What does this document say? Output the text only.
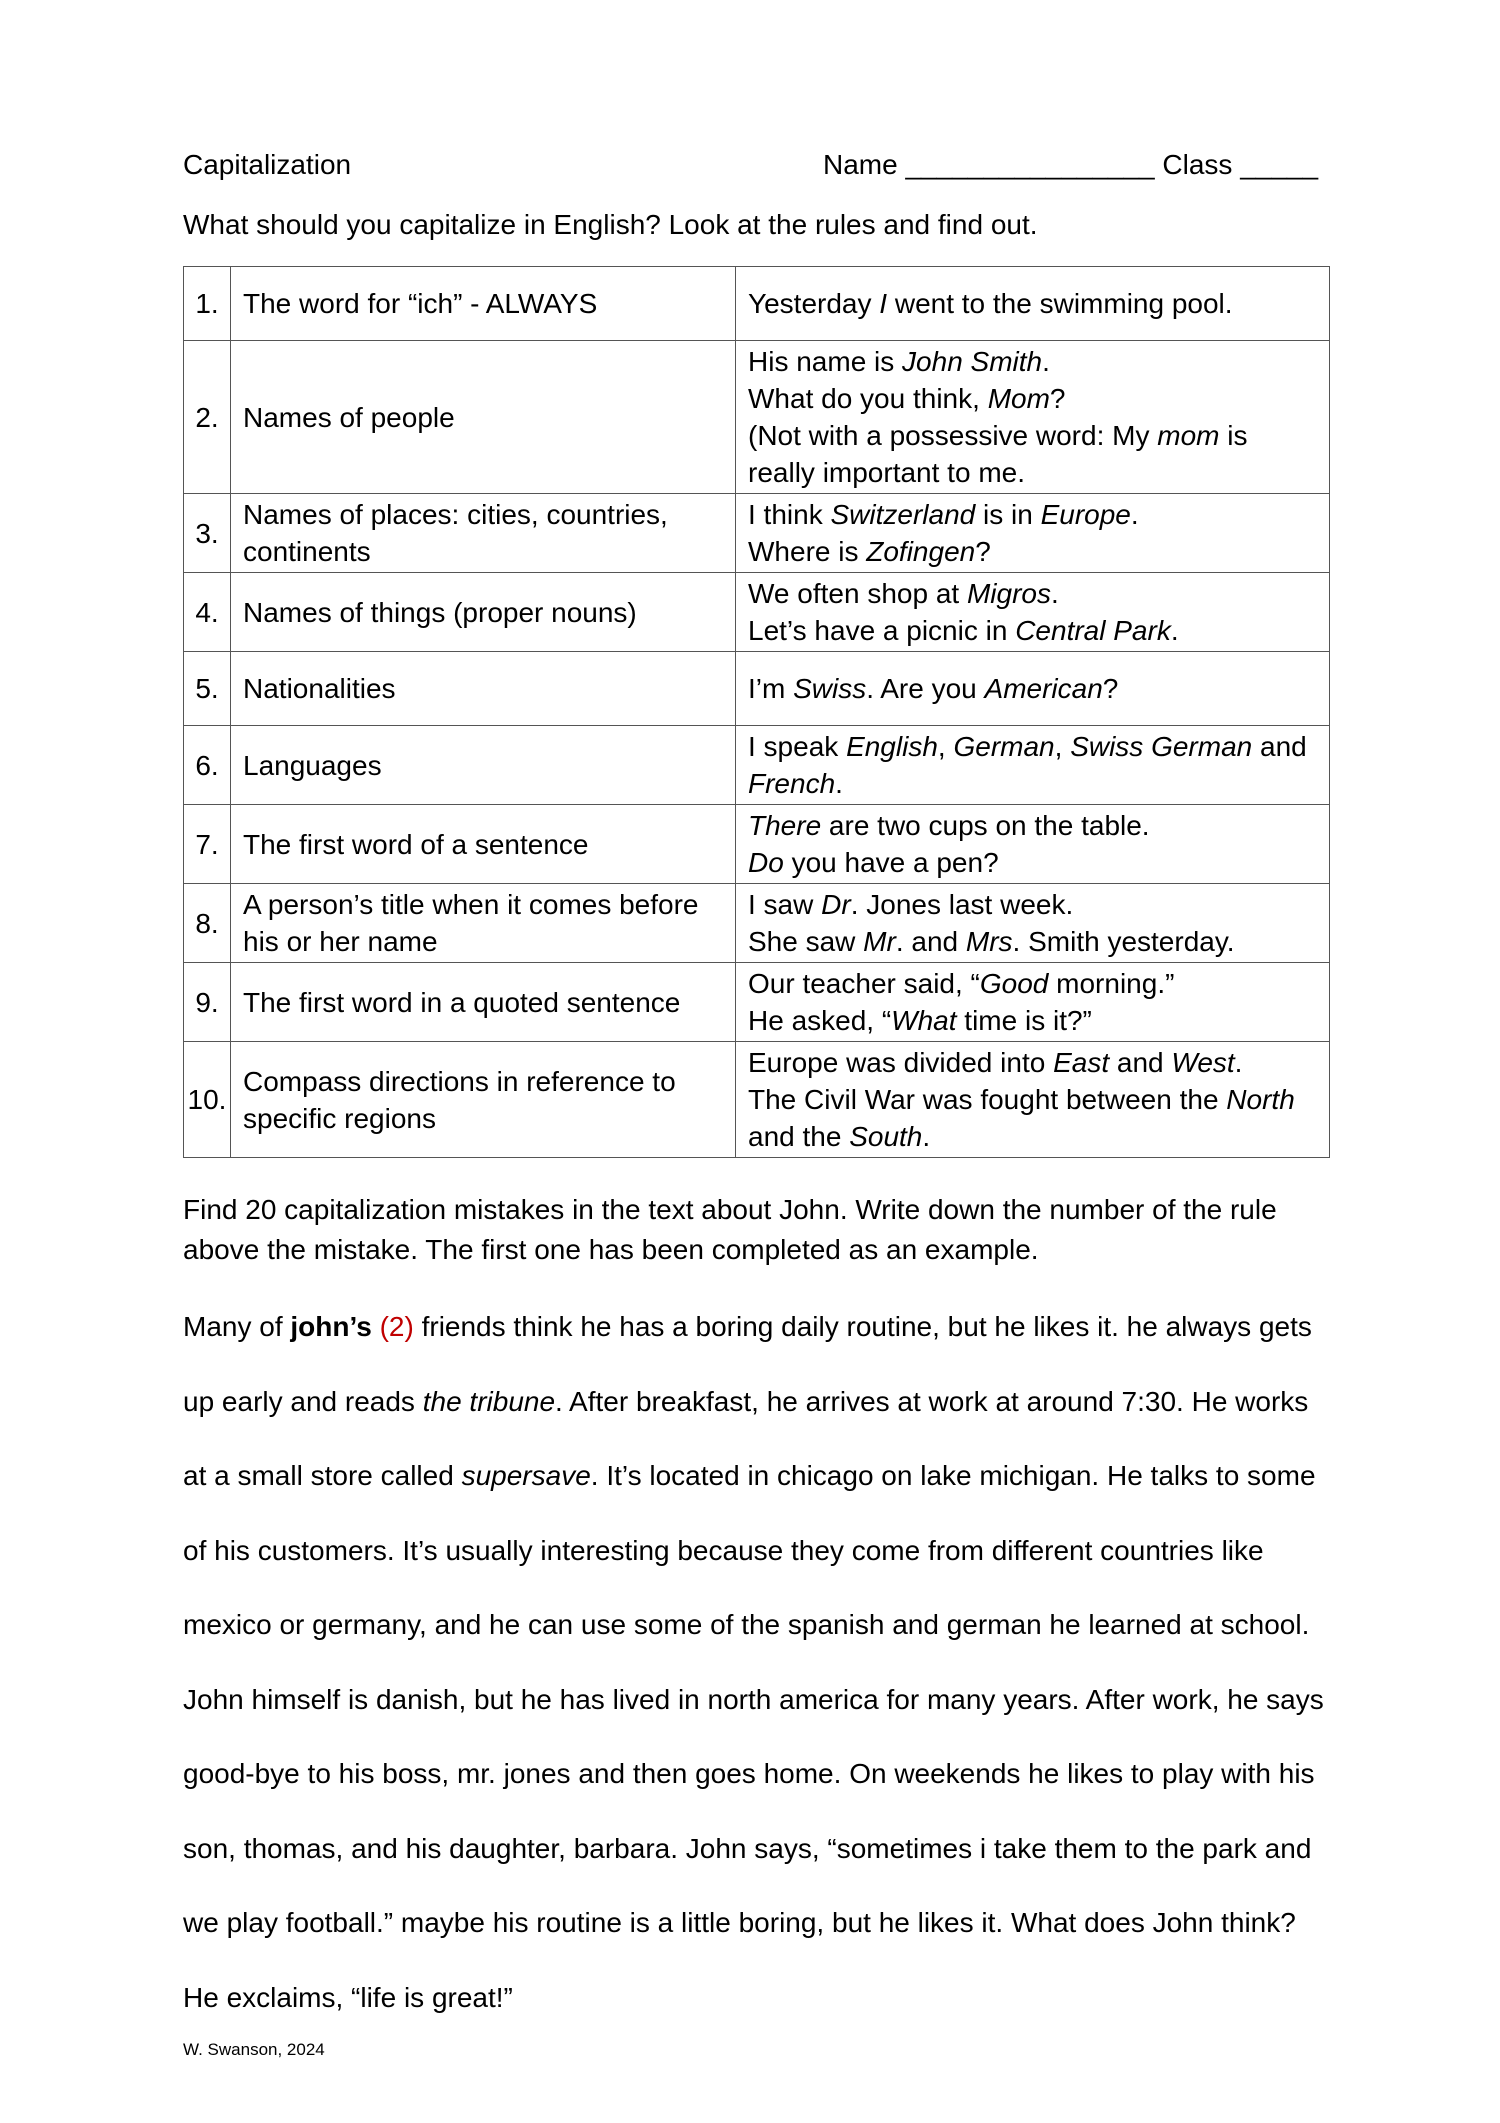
Capitalization	Name ________________ Class _____
What should you capitalize in English? Look at the rules and find out.
1.	The word for “ich” - ALWAYS	Yesterday I went to the swimming pool.
2.	Names of people	His name is John Smith.
What do you think, Mom?
(Not with a possessive word: My mom is really important to me.
3.	Names of places: cities, countries, continents	I think Switzerland is in Europe.
Where is Zofingen?
4.	Names of things (proper nouns)	We often shop at Migros.
Let’s have a picnic in Central Park.
5.	Nationalities	I’m Swiss. Are you American?
6.	Languages	I speak English, German, Swiss German and French.
7.	The first word of a sentence	There are two cups on the table.
Do you have a pen?
8.	A person’s title when it comes before his or her name	I saw Dr. Jones last week.
She saw Mr. and Mrs. Smith yesterday.
9.	The first word in a quoted sentence	Our teacher said, “Good morning.”
He asked, “What time is it?”
10.	Compass directions in reference to specific regions	Europe was divided into East and West.
The Civil War was fought between the North and the South.
Find 20 capitalization mistakes in the text about John. Write down the number of the rule above the mistake. The first one has been completed as an example.
Many of john’s (2) friends think he has a boring daily routine, but he likes it. he always gets
up early and reads the tribune. After breakfast, he arrives at work at around 7:30. He works
at a small store called supersave. It’s located in chicago on lake michigan. He talks to some
of his customers. It’s usually interesting because they come from different countries like
mexico or germany, and he can use some of the spanish and german he learned at school.
John himself is danish, but he has lived in north america for many years. After work, he says
good-bye to his boss, mr. jones and then goes home. On weekends he likes to play with his
son, thomas, and his daughter, barbara. John says, “sometimes i take them to the park and
we play football.” maybe his routine is a little boring, but he likes it. What does John think?
He exclaims, “life is great!”
W. Swanson, 2024
